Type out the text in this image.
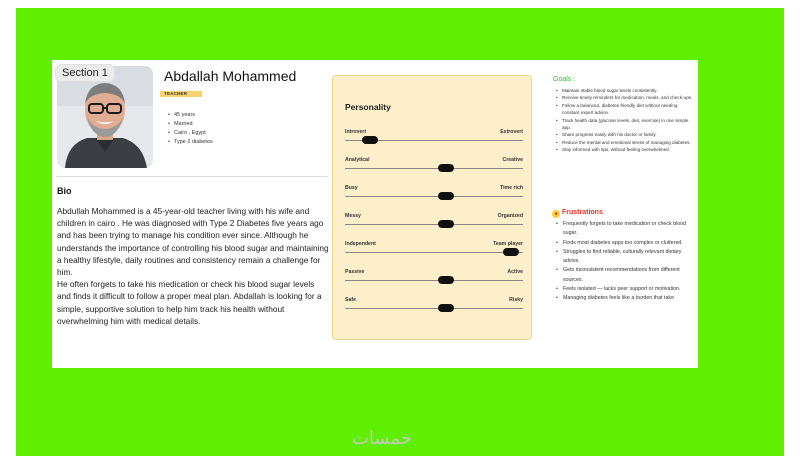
Section 1	Abdallah Mohammed
TEACHER
• 45 years
• Married
• Cairo , Egypt
• Type 2 diabetes
Bio

Abdullah Mohammed is a 45-year-old teacher living with his wife and children in cairo . He was diagnosed with Type 2 Diabetes five years ago and has been trying to manage his condition ever since. Although he understands the importance of controlling his blood sugar and maintaining a healthy lifestyle, daily routines and consistency remain a challenge for him.

He often forgets to take his medication or check his blood sugar levels and finds it difficult to follow a proper meal plan. Abdallah is looking for a simple, supportive solution to help him track his health without overwhelming him with medical details.

Personality
Introvert	Extrovert
Analytical	Creative
Busy	Time rich
Messy	Organized
Independent	Team player
Passive	Active
Safe	Risky
Goals :
• Maintain stable blood sugar levels consistently.
• Receive timely reminders for medication, meals, and check-ups.
• Follow a balanced, diabetes-friendly diet without needing constant expert advice.
• Track health data (glucose levels, diet, exercise) in one simple app.
• Share progress easily with his doctor or family.
• Reduce the mental and emotional stress of managing diabetes.
• Stay informed with tips, without feeling overwhelmed.
◕ Frustrations
• Frequently forgets to take medication or check blood sugar.
• Finds most diabetes apps too complex or cluttered.
• Struggles to find reliable, culturally relevant dietary advice.
• Gets inconsistent recommendations from different sources.
• Feels isolated — lacks peer support or motivation.
• Managing diabetes feels like a burden that take
خمسات
